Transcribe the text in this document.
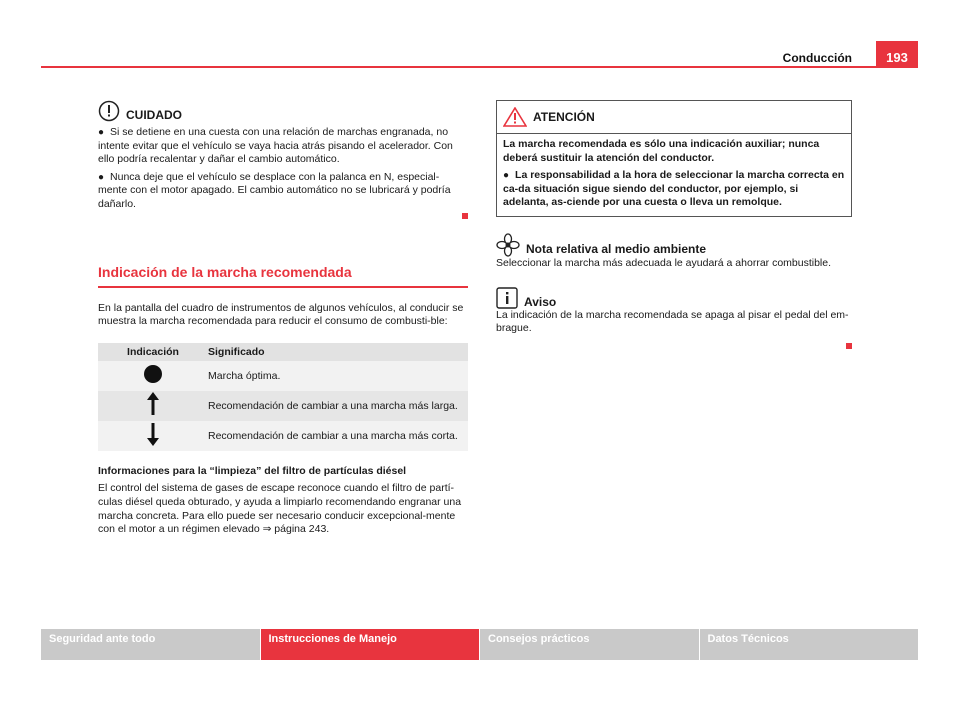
Conducción	193
CUIDADO

● Si se detiene en una cuesta con una relación de marchas engranada, no intente evitar que el vehículo se vaya hacia atrás pisando el acelerador. Con ello podría recalentar y dañar el cambio automático.

● Nunca deje que el vehículo se desplace con la palanca en N, especial-mente con el motor apagado. El cambio automático no se lubricará y podría dañarlo.

Indicación de la marcha recomendada

En la pantalla del cuadro de instrumentos de algunos vehículos, al conducir se muestra la marcha recomendada para reducir el consumo de combusti-ble:

Indicación	Significado
	Marcha óptima.
	Recomendación de cambiar a una marcha más larga.
	Recomendación de cambiar a una marcha más corta.

Informaciones para la “limpieza” del filtro de partículas diésel

El control del sistema de gases de escape reconoce cuando el filtro de partí-culas diésel queda obturado, y ayuda a limpiarlo recomendando engranar una marcha concreta. Para ello puede ser necesario conducir excepcional-mente con el motor a un régimen elevado ⇒ página 243.

ATENCIÓN

La marcha recomendada es sólo una indicación auxiliar; nunca deberá sustituir la atención del conductor.

● La responsabilidad a la hora de seleccionar la marcha correcta en ca-da situación sigue siendo del conductor, por ejemplo, si adelanta, as-ciende por una cuesta o lleva un remolque.

Nota relativa al medio ambiente

Seleccionar la marcha más adecuada le ayudará a ahorrar combustible.

Aviso

La indicación de la marcha recomendada se apaga al pisar el pedal del em-brague.

Seguridad ante todo	Instrucciones de Manejo	Consejos prácticos	Datos Técnicos
